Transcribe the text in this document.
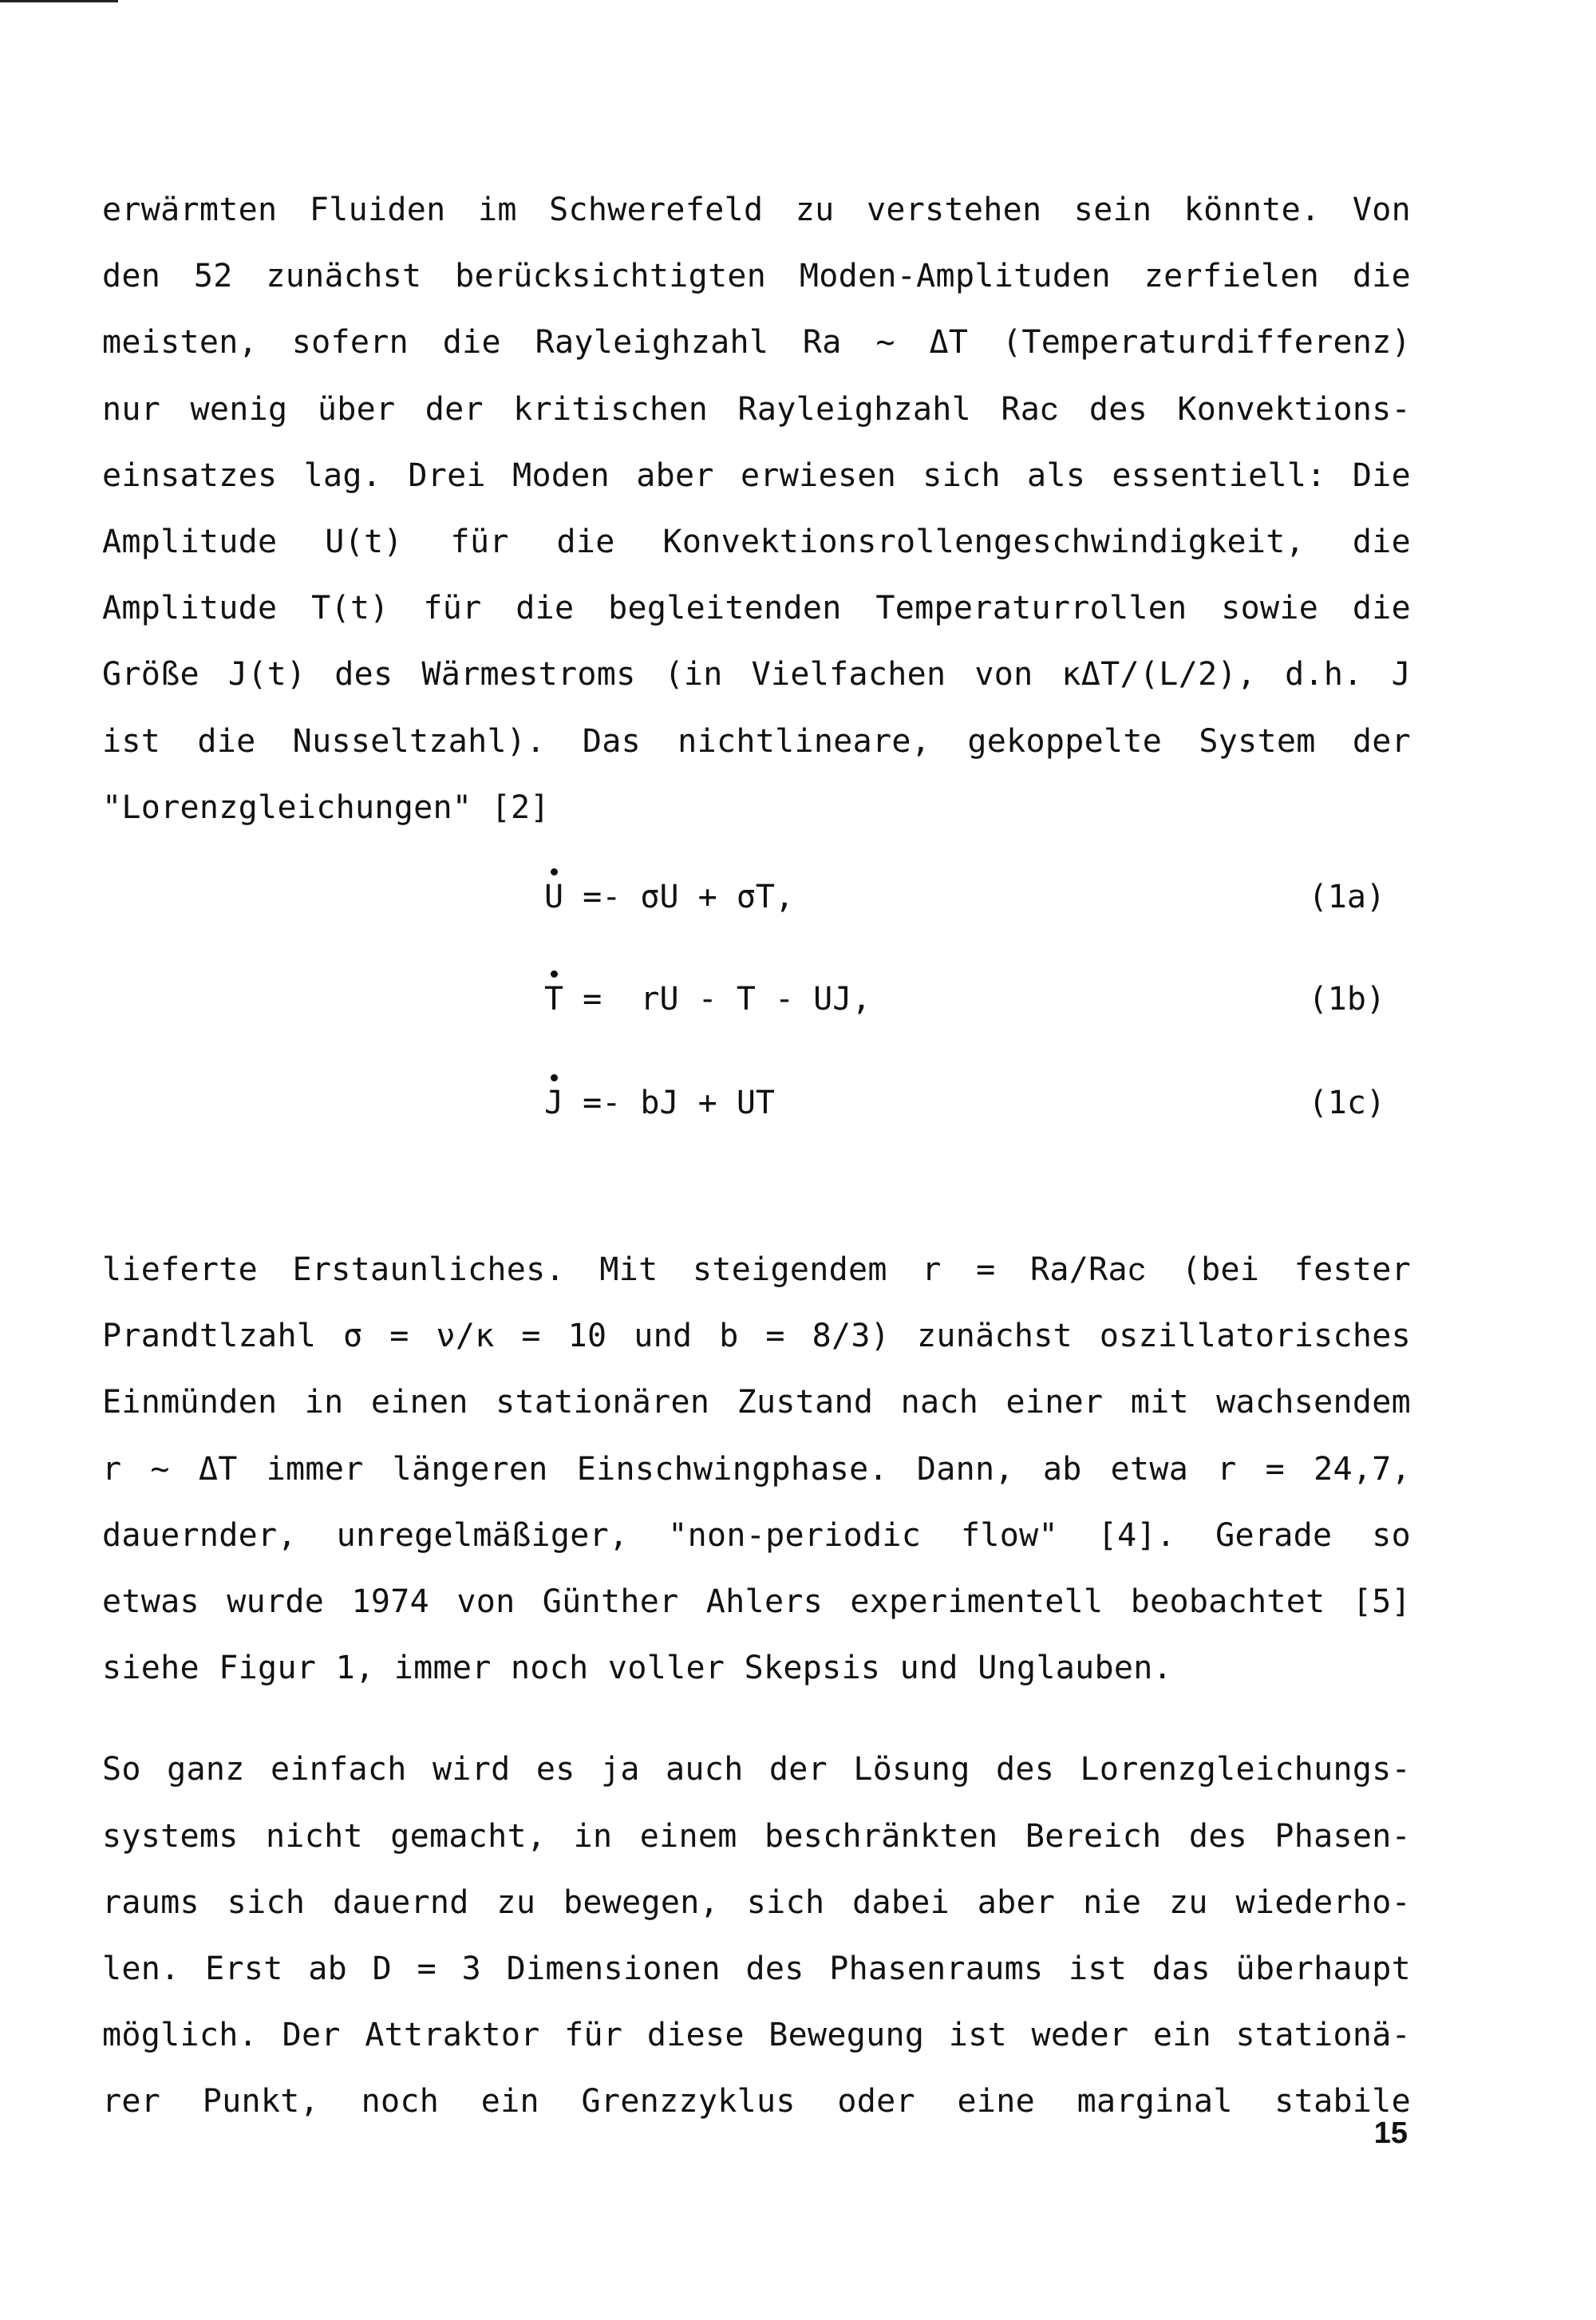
erwärmten Fluiden im Schwerefeld zu verstehen sein könnte. Von
den 52 zunächst berücksichtigten Moden-Amplituden zerfielen die
meisten, sofern die Rayleighzahl Ra ~ ΔT (Temperaturdifferenz)
nur wenig über der kritischen Rayleighzahl Raᴄ des Konvektions-
einsatzes lag. Drei Moden aber erwiesen sich als essentiell: Die
Amplitude U(t) für die Konvektionsrollengeschwindigkeit, die
Amplitude T(t) für die begleitenden Temperaturrollen sowie die
Größe J(t) des Wärmestroms (in Vielfachen von κΔT/(L/2), d.h. J
ist die Nusseltzahl). Das nichtlineare, gekoppelte System der
"Lorenzgleichungen" [2]
U =- σU + σT,	(1a)
T =  rU - T - UJ,	(1b)
J =- bJ + UT	(1c)
lieferte Erstaunliches. Mit steigendem r = Ra/Raᴄ (bei fester
Prandtlzahl σ = ν/κ = 10 und b = 8/3) zunächst oszillatorisches
Einmünden in einen stationären Zustand nach einer mit wachsendem
r ~ ΔT immer längeren Einschwingphase. Dann, ab etwa r = 24,7,
dauernder, unregelmäßiger, "non-periodic flow" [4]. Gerade so
etwas wurde 1974 von Günther Ahlers experimentell beobachtet [5]
siehe Figur 1, immer noch voller Skepsis und Unglauben.
So ganz einfach wird es ja auch der Lösung des Lorenzgleichungs-
systems nicht gemacht, in einem beschränkten Bereich des Phasen-
raums sich dauernd zu bewegen, sich dabei aber nie zu wiederho-
len. Erst ab D = 3 Dimensionen des Phasenraums ist das überhaupt
möglich. Der Attraktor für diese Bewegung ist weder ein stationä-
rer Punkt, noch ein Grenzzyklus oder eine marginal stabile
15
